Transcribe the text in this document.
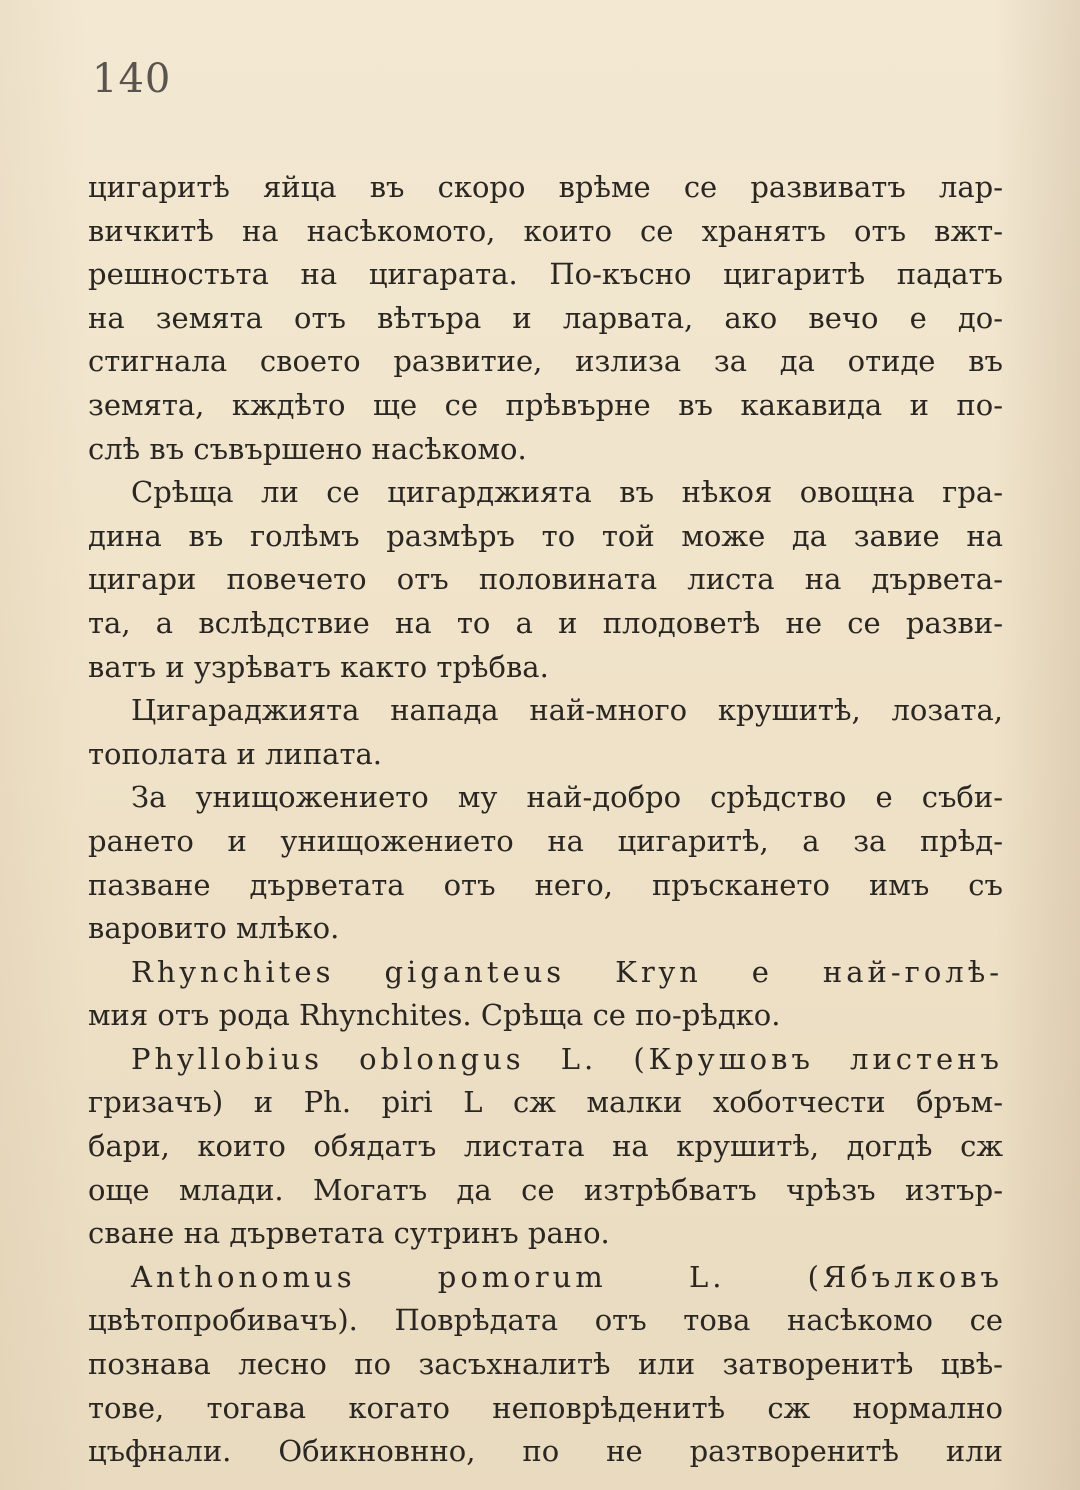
140
цигаритѣ яйца въ скоро врѣме се развиватъ лар-
вичкитѣ на насѣкомото, които се хранятъ отъ вжт-
решностьта на цигарата. По-късно цигаритѣ падатъ
на земята отъ вѣтъра и ларвата, ако вечо е до-
стигнала своето развитие, излиза за да отиде въ
земята, кждѣто ще се прѣвърне въ какавида и по-
слѣ въ съвършено насѣкомо.
Срѣща ли се цигарджията въ нѣкоя овощна гра-
дина въ голѣмъ размѣръ то той може да завие на
цигари повечето отъ половината листа на дървета-
та, а вслѣдствие на то а и плодоветѣ не се разви-
ватъ и узрѣватъ както трѣбва.
Цигараджията напада най-много крушитѣ, лозата,
тополата и липата.
За унищожението му най-добро срѣдство е съби-
рането и унищожението на цигаритѣ, а за прѣд-
пазване дърветата отъ него, пръскането имъ съ
варовито млѣко.
Rhynchites giganteus Kryn е най-голѣ-
мия отъ рода Rhynchites. Срѣща се по-рѣдко.
Phyllobius oblongus L. (Крушовъ листенъ
гризачъ) и Ph. piri L сж малки хоботчести бръм-
бари, които обядатъ листата на крушитѣ, догдѣ сж
още млади. Могатъ да се изтрѣбватъ чрѣзъ изтър-
сване на дърветата сутринъ рано.
Anthonomus pomorum L. (Ябълковъ
цвѣтопробивачъ). Поврѣдата отъ това насѣкомо се
познава лесно по засъхналитѣ или затворенитѣ цвѣ-
тове, тогава когато неповрѣденитѣ сж нормално
цъфнали. Обикновнно, по не разтворенитѣ или
